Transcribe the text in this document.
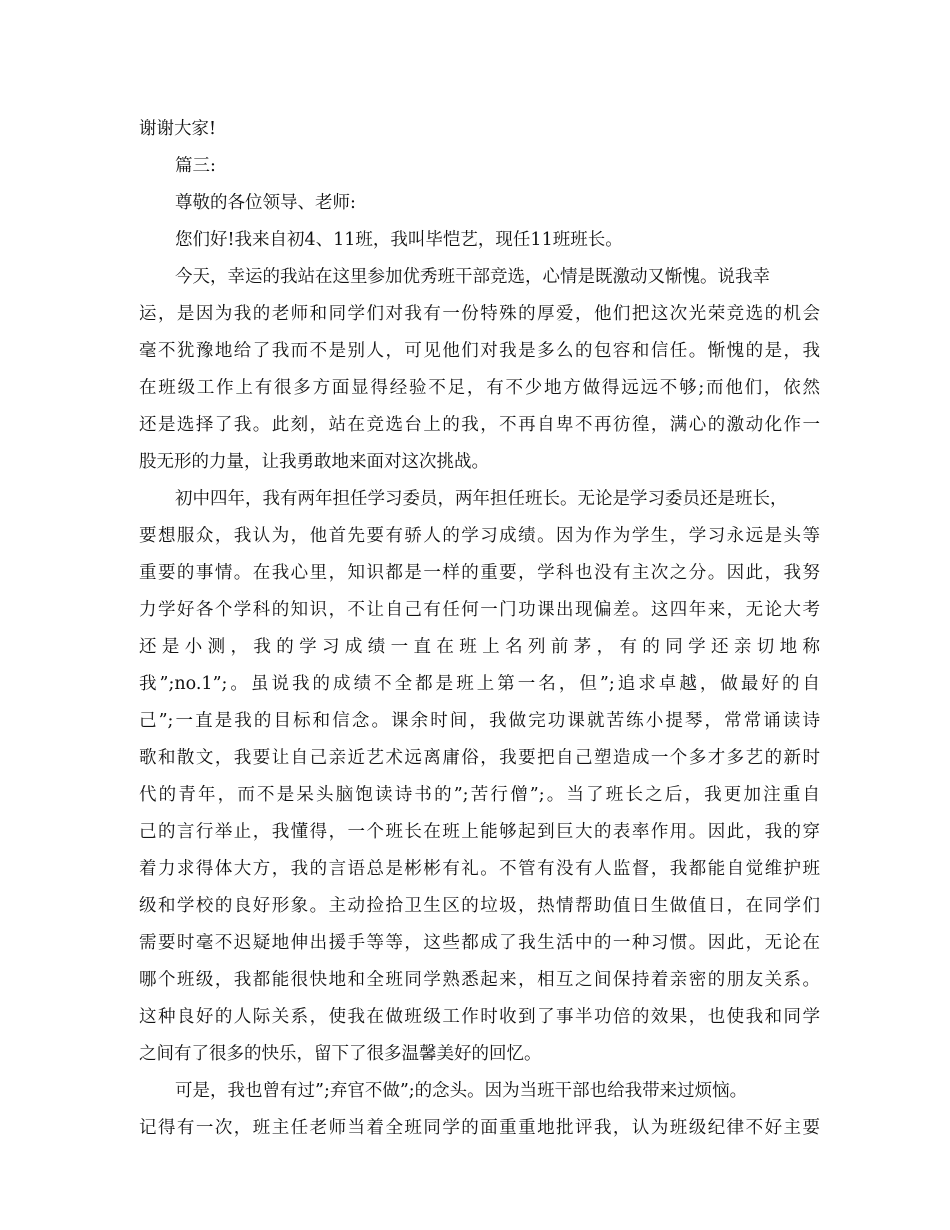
谢谢大家!
篇三:
尊敬的各位领导、老师:
您们好!我来自初4、11班，我叫毕恺艺，现任11班班长。
今天，幸运的我站在这里参加优秀班干部竞选，心情是既激动又惭愧。说我幸
运，是因为我的老师和同学们对我有一份特殊的厚爱，他们把这次光荣竞选的机会
毫不犹豫地给了我而不是别人，可见他们对我是多么的包容和信任。惭愧的是，我
在班级工作上有很多方面显得经验不足，有不少地方做得远远不够;而他们，依然
还是选择了我。此刻，站在竞选台上的我，不再自卑不再彷徨，满心的激动化作一
股无形的力量，让我勇敢地来面对这次挑战。
初中四年，我有两年担任学习委员，两年担任班长。无论是学习委员还是班长，
要想服众，我认为，他首先要有骄人的学习成绩。因为作为学生，学习永远是头等
重要的事情。在我心里，知识都是一样的重要，学科也没有主次之分。因此，我努
力学好各个学科的知识，不让自己有任何一门功课出现偏差。这四年来，无论大考
还是小测，我的学习成绩一直在班上名列前茅，有的同学还亲切地称
我”;no.1”;。虽说我的成绩不全都是班上第一名，但”;追求卓越，做最好的自
己”;一直是我的目标和信念。课余时间，我做完功课就苦练小提琴，常常诵读诗
歌和散文，我要让自己亲近艺术远离庸俗，我要把自己塑造成一个多才多艺的新时
代的青年，而不是呆头脑饱读诗书的”;苦行僧”;。当了班长之后，我更加注重自
己的言行举止，我懂得，一个班长在班上能够起到巨大的表率作用。因此，我的穿
着力求得体大方，我的言语总是彬彬有礼。不管有没有人监督，我都能自觉维护班
级和学校的良好形象。主动捡拾卫生区的垃圾，热情帮助值日生做值日，在同学们
需要时毫不迟疑地伸出援手等等，这些都成了我生活中的一种习惯。因此，无论在
哪个班级，我都能很快地和全班同学熟悉起来，相互之间保持着亲密的朋友关系。
这种良好的人际关系，使我在做班级工作时收到了事半功倍的效果，也使我和同学
之间有了很多的快乐，留下了很多温馨美好的回忆。
可是，我也曾有过”;弃官不做”;的念头。因为当班干部也给我带来过烦恼。
记得有一次，班主任老师当着全班同学的面重重地批评我，认为班级纪律不好主要
